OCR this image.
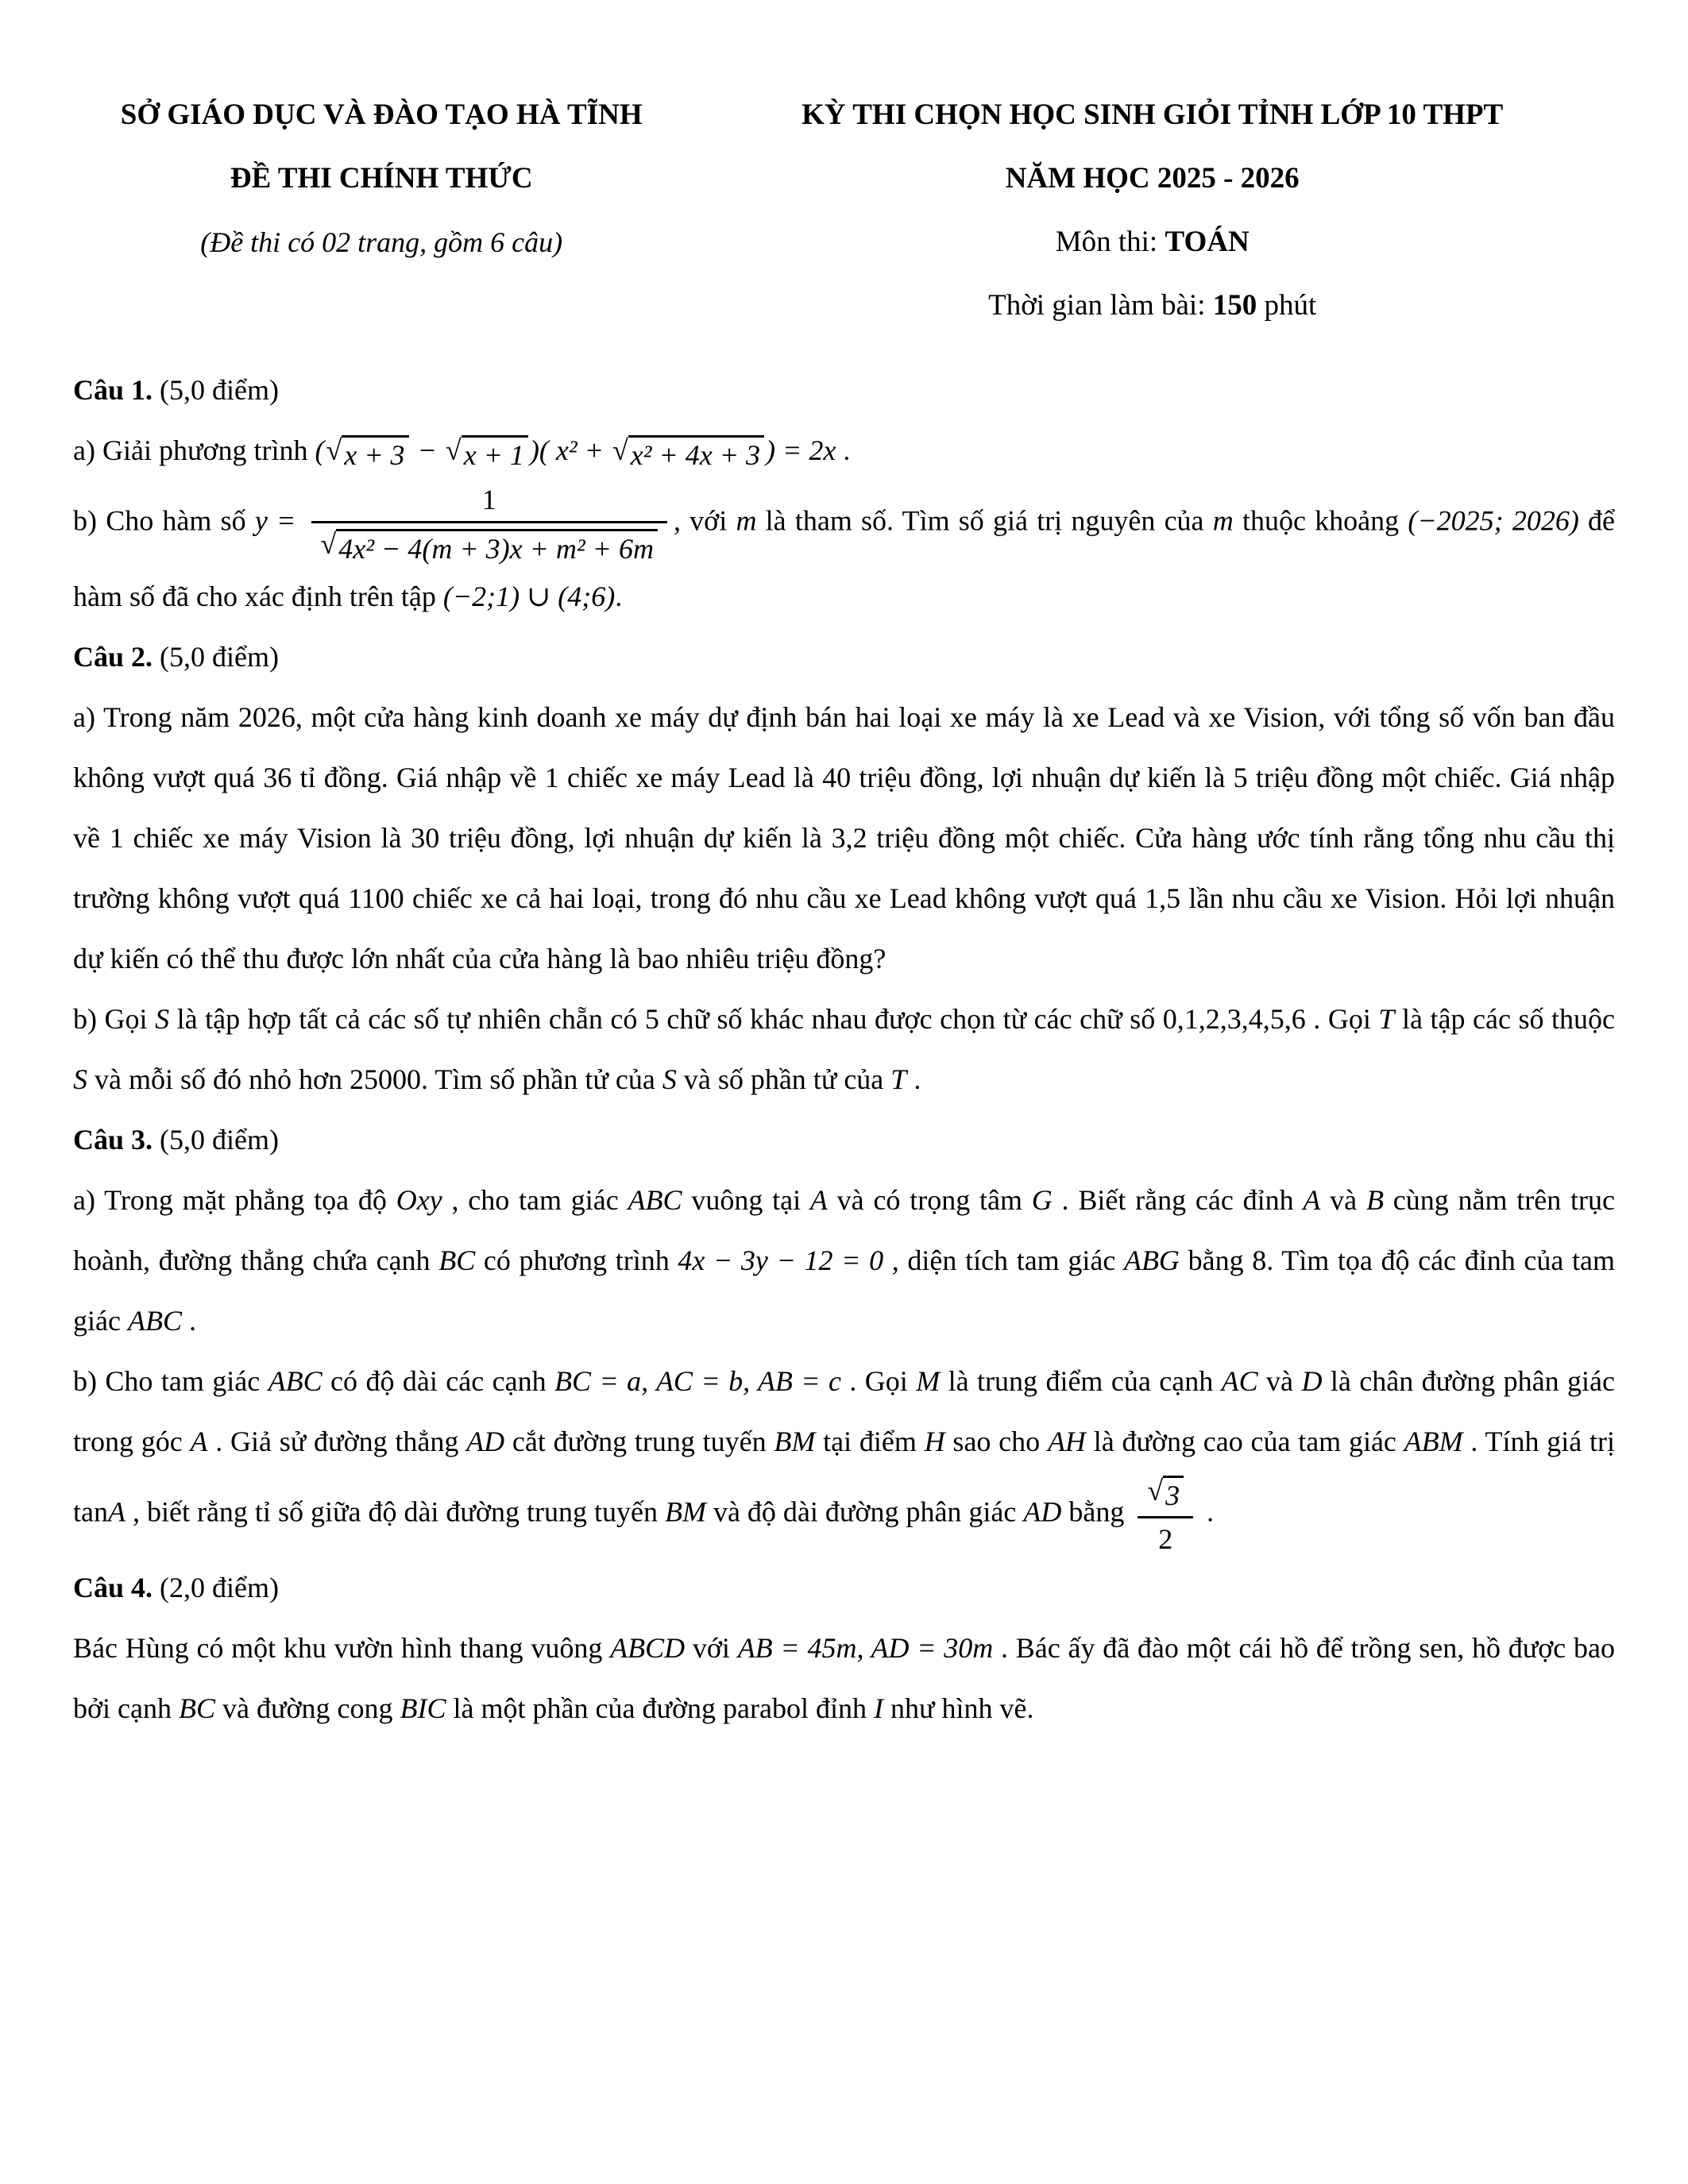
SỞ GIÁO DỤC VÀ ĐÀO TẠO HÀ TĨNH
ĐỀ THI CHÍNH THỨC
(Đề thi có 02 trang, gồm 6 câu)
KỲ THI CHỌN HỌC SINH GIỎI TỈNH LỚP 10 THPT
NĂM HỌC 2025 - 2026
Môn thi: TOÁN
Thời gian làm bài: 150 phút
Câu 1. (5,0 điểm)
a) Giải phương trình ( √ x + 3 − √ x + 1 )( x² + √ x² + 4x + 3 ) = 2x .
b) Cho hàm số $y = \frac{1}{\text{√ 4x² − 4(m + 3)x + m² + 6m}}$ , với m là tham số. Tìm số giá trị nguyên của m thuộc khoảng (−2025; 2026) để hàm số đã cho xác định trên tập (−2;1) ∪ (4;6).
Câu 2. (5,0 điểm)
a) Trong năm 2026, một cửa hàng kinh doanh xe máy dự định bán hai loại xe máy là xe Lead và xe Vision, với tổng số vốn ban đầu không vượt quá 36 tỉ đồng. Giá nhập về 1 chiếc xe máy Lead là 40 triệu đồng, lợi nhuận dự kiến là 5 triệu đồng một chiếc. Giá nhập về 1 chiếc xe máy Vision là 30 triệu đồng, lợi nhuận dự kiến là 3,2 triệu đồng một chiếc. Cửa hàng ước tính rằng tổng nhu cầu thị trường không vượt quá 1100 chiếc xe cả hai loại, trong đó nhu cầu xe Lead không vượt quá 1,5 lần nhu cầu xe Vision. Hỏi lợi nhuận dự kiến có thể thu được lớn nhất của cửa hàng là bao nhiêu triệu đồng?
b) Gọi S là tập hợp tất cả các số tự nhiên chẵn có 5 chữ số khác nhau được chọn từ các chữ số 0,1,2,3,4,5,6 . Gọi T là tập các số thuộc S và mỗi số đó nhỏ hơn 25000. Tìm số phần tử của S và số phần tử của T .
Câu 3. (5,0 điểm)
a) Trong mặt phẳng tọa độ Oxy , cho tam giác ABC vuông tại A và có trọng tâm G . Biết rằng các đỉnh A và B cùng nằm trên trục hoành, đường thẳng chứa cạnh BC có phương trình 4x − 3y − 12 = 0 , diện tích tam giác ABG bằng 8. Tìm tọa độ các đỉnh của tam giác ABC .
b) Cho tam giác ABC có độ dài các cạnh BC = a, AC = b, AB = c . Gọi M là trung điểm của cạnh AC và D là chân đường phân giác trong góc A . Giả sử đường thẳng AD cắt đường trung tuyến BM tại điểm H sao cho AH là đường cao của tam giác ABM . Tính giá trị tanA , biết rằng tỉ số giữa độ dài đường trung tuyến BM và độ dài đường phân giác AD bằng $\frac{√ 3}{2}$ .
Câu 4. (2,0 điểm)
Bác Hùng có một khu vườn hình thang vuông ABCD với AB = 45m, AD = 30m . Bác ấy đã đào một cái hồ để trồng sen, hồ được bao bởi cạnh BC và đường cong BIC là một phần của đường parabol đỉnh I như hình vẽ.
